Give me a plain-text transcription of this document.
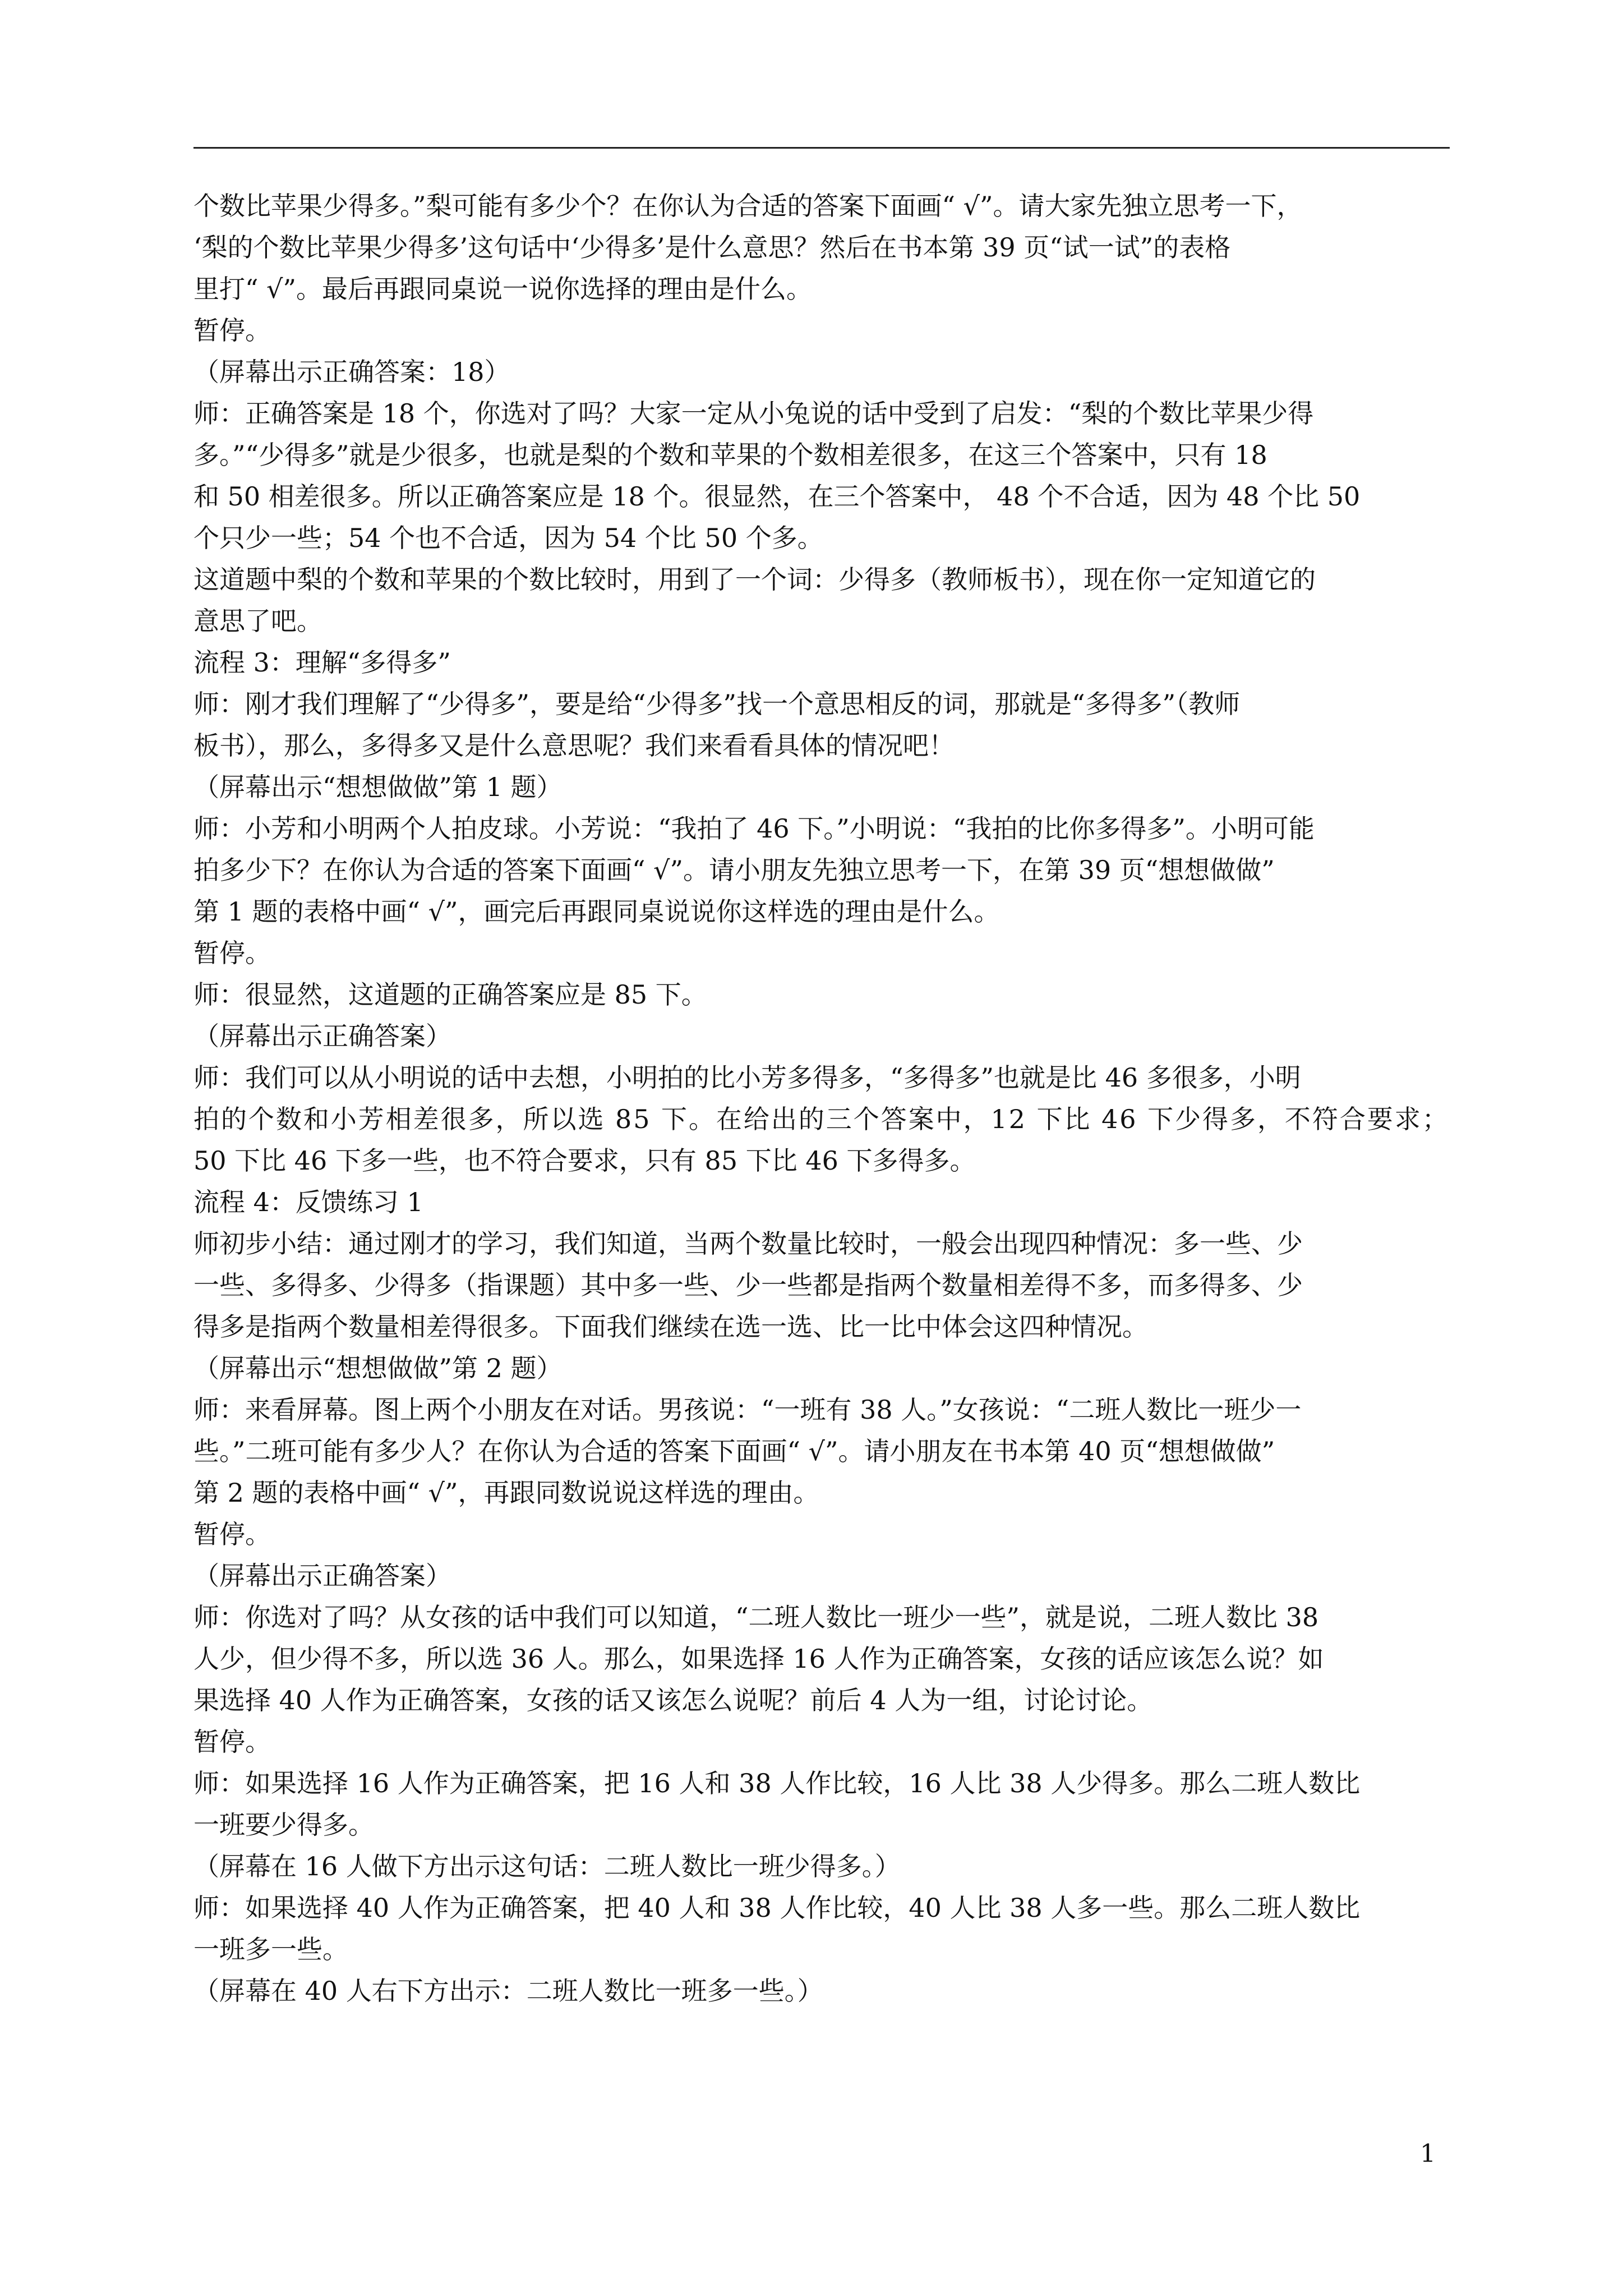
个数比苹果少得多。”梨可能有多少个？在你认为合适的答案下面画“ √”。请大家先独立思考一下，
‘梨的个数比苹果少得多’这句话中‘少得多’是什么意思？然后在书本第 39 页“试一试”的表格
里打“ √”。最后再跟同桌说一说你选择的理由是什么。
暂停。
（屏幕出示正确答案：18）
师：正确答案是 18 个，你选对了吗？大家一定从小兔说的话中受到了启发：“梨的个数比苹果少得
多。”“少得多”就是少很多，也就是梨的个数和苹果的个数相差很多，在这三个答案中，只有 18
和 50 相差很多。所以正确答案应是 18 个。很显然，在三个答案中， 48 个不合适，因为 48 个比 50
个只少一些；54 个也不合适，因为 54 个比 50 个多。
这道题中梨的个数和苹果的个数比较时，用到了一个词：少得多（教师板书），现在你一定知道它的
意思了吧。
流程 3：理解“多得多”
师：刚才我们理解了“少得多”，要是给“少得多”找一个意思相反的词，那就是“多得多”（教师
板书），那么，多得多又是什么意思呢？我们来看看具体的情况吧！
（屏幕出示“想想做做”第 1 题）
师：小芳和小明两个人拍皮球。小芳说：“我拍了 46 下。”小明说：“我拍的比你多得多”。小明可能
拍多少下？在你认为合适的答案下面画“ √”。请小朋友先独立思考一下，在第 39 页“想想做做”
第 1 题的表格中画“ √”，画完后再跟同桌说说你这样选的理由是什么。
暂停。
师：很显然，这道题的正确答案应是 85 下。
（屏幕出示正确答案）
师：我们可以从小明说的话中去想，小明拍的比小芳多得多，“多得多”也就是比 46 多很多，小明
拍的个数和小芳相差很多，所以选 85 下。在给出的三个答案中，12 下比 46 下少得多，不符合要求；
50 下比 46 下多一些，也不符合要求，只有 85 下比 46 下多得多。
流程 4：反馈练习 1
师初步小结：通过刚才的学习，我们知道，当两个数量比较时，一般会出现四种情况：多一些、少
一些、多得多、少得多（指课题）其中多一些、少一些都是指两个数量相差得不多，而多得多、少
得多是指两个数量相差得很多。下面我们继续在选一选、比一比中体会这四种情况。
（屏幕出示“想想做做”第 2 题）
师：来看屏幕。图上两个小朋友在对话。男孩说：“一班有 38 人。”女孩说：“二班人数比一班少一
些。”二班可能有多少人？在你认为合适的答案下面画“ √”。请小朋友在书本第 40 页“想想做做”
第 2 题的表格中画“ √”，再跟同数说说这样选的理由。
暂停。
（屏幕出示正确答案）
师：你选对了吗？从女孩的话中我们可以知道，“二班人数比一班少一些”，就是说，二班人数比 38
人少，但少得不多，所以选 36 人。那么，如果选择 16 人作为正确答案，女孩的话应该怎么说？如
果选择 40 人作为正确答案，女孩的话又该怎么说呢？前后 4 人为一组，讨论讨论。
暂停。
师：如果选择 16 人作为正确答案，把 16 人和 38 人作比较，16 人比 38 人少得多。那么二班人数比
一班要少得多。
（屏幕在 16 人做下方出示这句话：二班人数比一班少得多。）
师：如果选择 40 人作为正确答案，把 40 人和 38 人作比较，40 人比 38 人多一些。那么二班人数比
一班多一些。
（屏幕在 40 人右下方出示：二班人数比一班多一些。）
1
